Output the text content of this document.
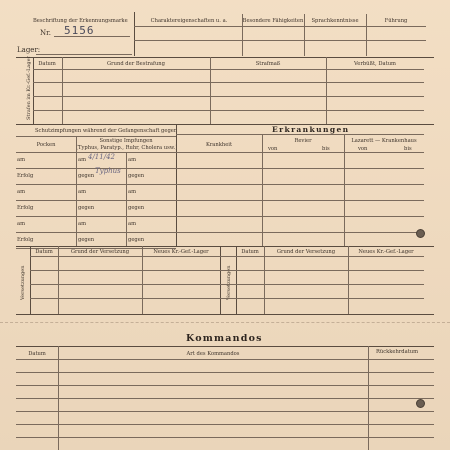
Beschriftung der Erkennungsmarke
Nr. 5156
Lager:
Charaktereigenschaften u. a.	Besondere Fähigkeiten	Sprachkenntnisse	Führung
Strafen im Kr.-Gef.-Lager	Datum	Grund der Bestrafung	Strafmaß	Verbüßt, Datum
Schutzimpfungen während der Gefangenschaft gegen
Pocken
Sonstige Impfungen
(Typhus, Paratyp., Ruhr, Cholera usw.)
am	am	am
Erfolg	gegen	gegen
am	am	am
Erfolg	gegen	gegen
am	am	am
Erfolg	gegen	gegen
4/11/42
Typhus
Erkrankungen
Krankheit
Revier
von	bis
Lazarett — Krankenhaus
von	bis
Versetzungen	Versetzungen
Datum	Grund der Versetzung	Neues Kr.-Gef.-Lager	Datum	Grund der Versetzung	Neues Kr.-Gef.-Lager
Kommandos
Datum	Art des Kommandos	Rückkehrdatum
